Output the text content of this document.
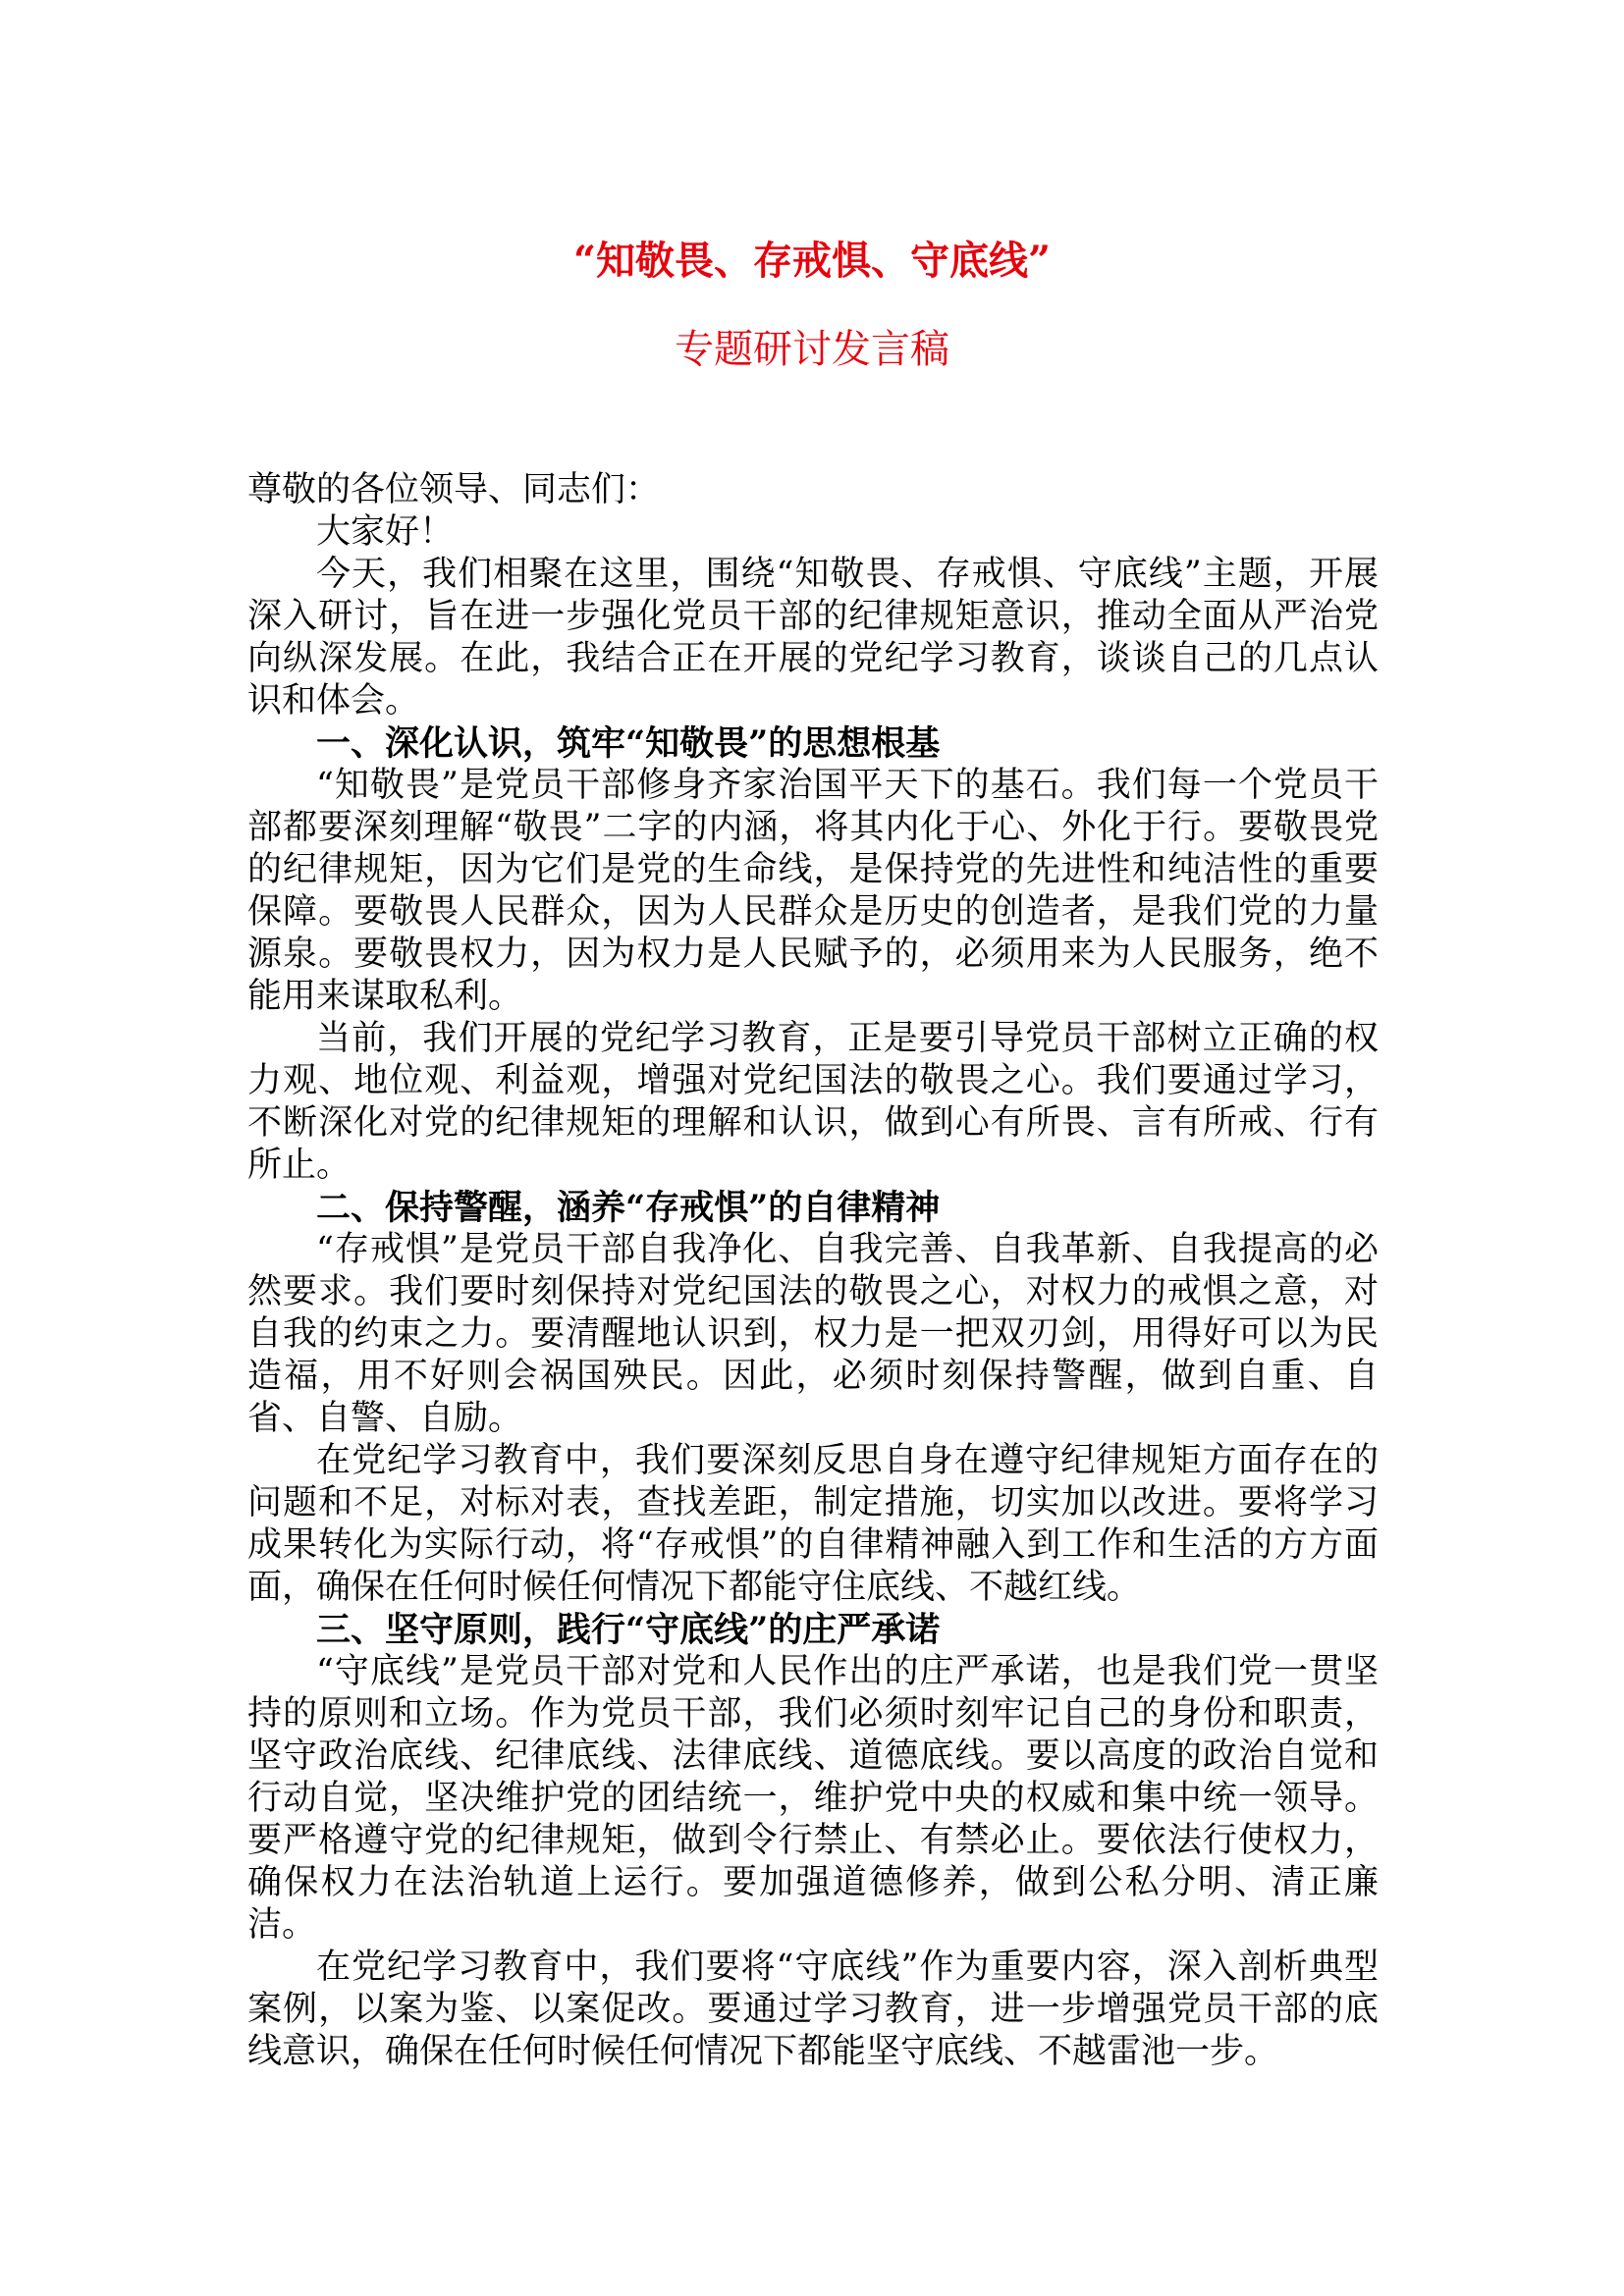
“知敬畏、存戒惧、守底线”
专题研讨发言稿

尊敬的各位领导、同志们：

大家好！

今天，我们相聚在这里，围绕“知敬畏、存戒惧、守底线”主题，开展深入研讨，旨在进一步强化党员干部的纪律规矩意识，推动全面从严治党向纵深发展。在此，我结合正在开展的党纪学习教育，谈谈自己的几点认识和体会。

一、深化认识，筑牢“知敬畏”的思想根基

“知敬畏”是党员干部修身齐家治国平天下的基石。我们每一个党员干部都要深刻理解“敬畏”二字的内涵，将其内化于心、外化于行。要敬畏党的纪律规矩，因为它们是党的生命线，是保持党的先进性和纯洁性的重要保障。要敬畏人民群众，因为人民群众是历史的创造者，是我们党的力量源泉。要敬畏权力，因为权力是人民赋予的，必须用来为人民服务，绝不能用来谋取私利。

当前，我们开展的党纪学习教育，正是要引导党员干部树立正确的权力观、地位观、利益观，增强对党纪国法的敬畏之心。我们要通过学习，不断深化对党的纪律规矩的理解和认识，做到心有所畏、言有所戒、行有所止。

二、保持警醒，涵养“存戒惧”的自律精神

“存戒惧”是党员干部自我净化、自我完善、自我革新、自我提高的必然要求。我们要时刻保持对党纪国法的敬畏之心，对权力的戒惧之意，对自我的约束之力。要清醒地认识到，权力是一把双刃剑，用得好可以为民造福，用不好则会祸国殃民。因此，必须时刻保持警醒，做到自重、自省、自警、自励。

在党纪学习教育中，我们要深刻反思自身在遵守纪律规矩方面存在的问题和不足，对标对表，查找差距，制定措施，切实加以改进。要将学习成果转化为实际行动，将“存戒惧”的自律精神融入到工作和生活的方方面面，确保在任何时候任何情况下都能守住底线、不越红线。

三、坚守原则，践行“守底线”的庄严承诺

“守底线”是党员干部对党和人民作出的庄严承诺，也是我们党一贯坚持的原则和立场。作为党员干部，我们必须时刻牢记自己的身份和职责，坚守政治底线、纪律底线、法律底线、道德底线。要以高度的政治自觉和行动自觉，坚决维护党的团结统一，维护党中央的权威和集中统一领导。要严格遵守党的纪律规矩，做到令行禁止、有禁必止。要依法行使权力，确保权力在法治轨道上运行。要加强道德修养，做到公私分明、清正廉洁。

在党纪学习教育中，我们要将“守底线”作为重要内容，深入剖析典型案例，以案为鉴、以案促改。要通过学习教育，进一步增强党员干部的底线意识，确保在任何时候任何情况下都能坚守底线、不越雷池一步。
